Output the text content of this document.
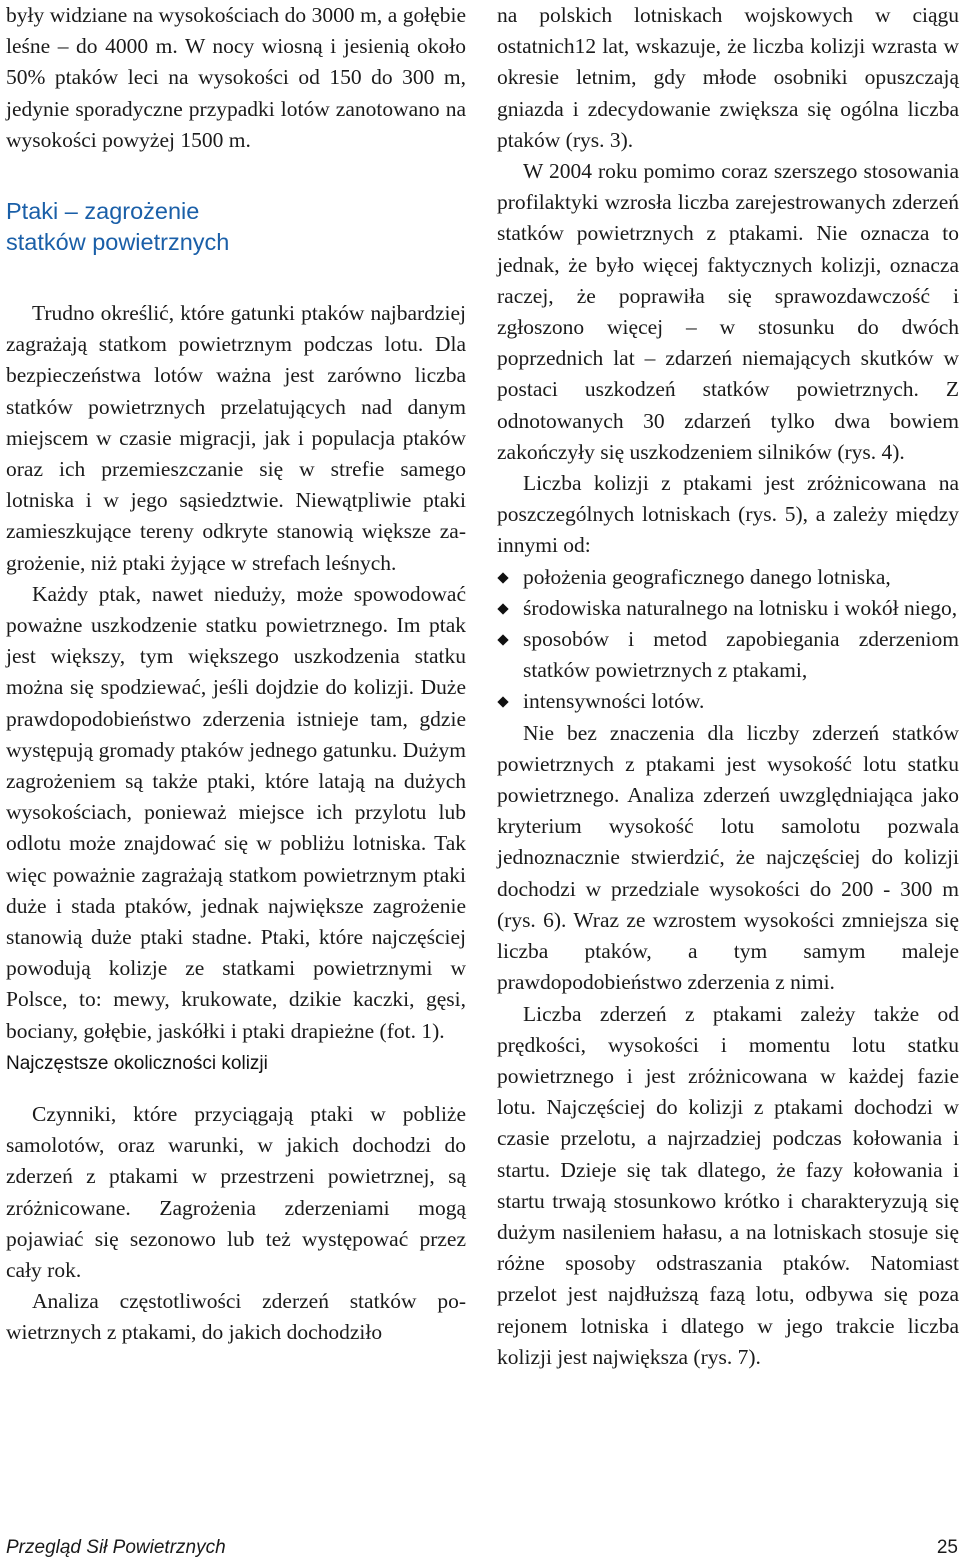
były widziane na wysokościach do 3000 m, a gołębie leśne – do 4000 m. W nocy wiosną i jesienią około 50% ptaków leci na wysokości od 150 do 300 m, jedynie sporadyczne przypadki lotów zanotowano na wysokości powyżej 1500 m.

Ptaki – zagrożenie
statków powietrznych

Trudno określić, które gatunki ptaków najbardziej zagrażają statkom powietrznym podczas lotu. Dla bezpieczeństwa lotów ważna jest zarówno liczba statków powietrznych przelatujących nad danym miejscem w czasie migracji, jak i populacja ptaków oraz ich przemieszczanie się w strefie samego lotniska i w jego sąsiedztwie. Niewątpliwie ptaki zamieszkujące tereny odkryte stanowią większe zagrożenie, niż ptaki żyjące w strefach leśnych.

Każdy ptak, nawet nieduży, może spowodować poważne uszkodzenie statku powietrznego. Im ptak jest większy, tym większego uszkodzenia statku można się spodziewać, jeśli dojdzie do kolizji. Duże prawdopodobieństwo zderzenia istnieje tam, gdzie występują gromady ptaków jednego gatunku. Dużym zagrożeniem są także ptaki, które latają na dużych wysokościach, ponieważ miejsce ich przylotu lub odlotu może znajdować się w pobliżu lotniska. Tak więc poważnie zagrażają statkom powietrznym ptaki duże i stada ptaków, jednak największe zagrożenie stanowią duże ptaki stadne. Ptaki, które najczęściej powodują kolizje ze statkami powietrznymi w Polsce, to: mewy, krukowate, dzikie kaczki, gęsi, bociany, gołębie, jaskółki i ptaki drapieżne (fot. 1).

Najczęstsze okoliczności kolizji

Czynniki, które przyciągają ptaki w pobliże samolotów, oraz warunki, w jakich dochodzi do zderzeń z ptakami w przestrzeni powietrznej, są zróżnicowane. Zagrożenia zderzeniami mogą pojawiać się sezonowo lub też występować przez cały rok.

Analiza częstotliwości zderzeń statków powietrznych z ptakami, do jakich dochodziło

na polskich lotniskach wojskowych w ciągu ostatnich12 lat, wskazuje, że liczba kolizji wzrasta w okresie letnim, gdy młode osobniki opuszczają gniazda i zdecydowanie zwiększa się ogólna liczba ptaków (rys. 3).

W 2004 roku pomimo coraz szerszego stosowania profilaktyki wzrosła liczba zarejestrowanych zderzeń statków powietrznych z ptakami. Nie oznacza to jednak, że było więcej faktycznych kolizji, oznacza raczej, że poprawiła się sprawozdawczość i zgłoszono więcej – w stosunku do dwóch poprzednich lat – zdarzeń niemających skutków w postaci uszkodzeń statków powietrznych. Z odnotowanych 30 zdarzeń tylko dwa bowiem zakończyły się uszkodzeniem silników (rys. 4).

Liczba kolizji z ptakami jest zróżnicowana na poszczególnych lotniskach (rys. 5), a zależy między innymi od:

położenia geograficznego danego lotniska,
środowiska naturalnego na lotnisku i wokół niego,
sposobów i metod zapobiegania zderzeniom statków powietrznych z ptakami,
intensywności lotów.

Nie bez znaczenia dla liczby zderzeń statków powietrznych z ptakami jest wysokość lotu statku powietrznego. Analiza zderzeń uwzględniająca jako kryterium wysokość lotu samolotu pozwala jednoznacznie stwierdzić, że najczęściej do kolizji dochodzi w przedziale wysokości do 200 - 300 m (rys. 6). Wraz ze wzrostem wysokości zmniejsza się liczba ptaków, a tym samym maleje prawdopodobieństwo zderzenia z nimi.

Liczba zderzeń z ptakami zależy także od prędkości, wysokości i momentu lotu statku powietrznego i jest zróżnicowana w każdej fazie lotu. Najczęściej do kolizji z ptakami dochodzi w czasie przelotu, a najrzadziej podczas kołowania i startu. Dzieje się tak dlatego, że fazy kołowania i startu trwają stosunkowo krótko i charakteryzują się dużym nasileniem hałasu, a na lotniskach stosuje się różne sposoby odstraszania ptaków. Natomiast przelot jest najdłuższą fazą lotu, odbywa się poza rejonem lotniska i dlatego w jego trakcie liczba kolizji jest największa (rys. 7).

Przegląd Sił Powietrznych	25
